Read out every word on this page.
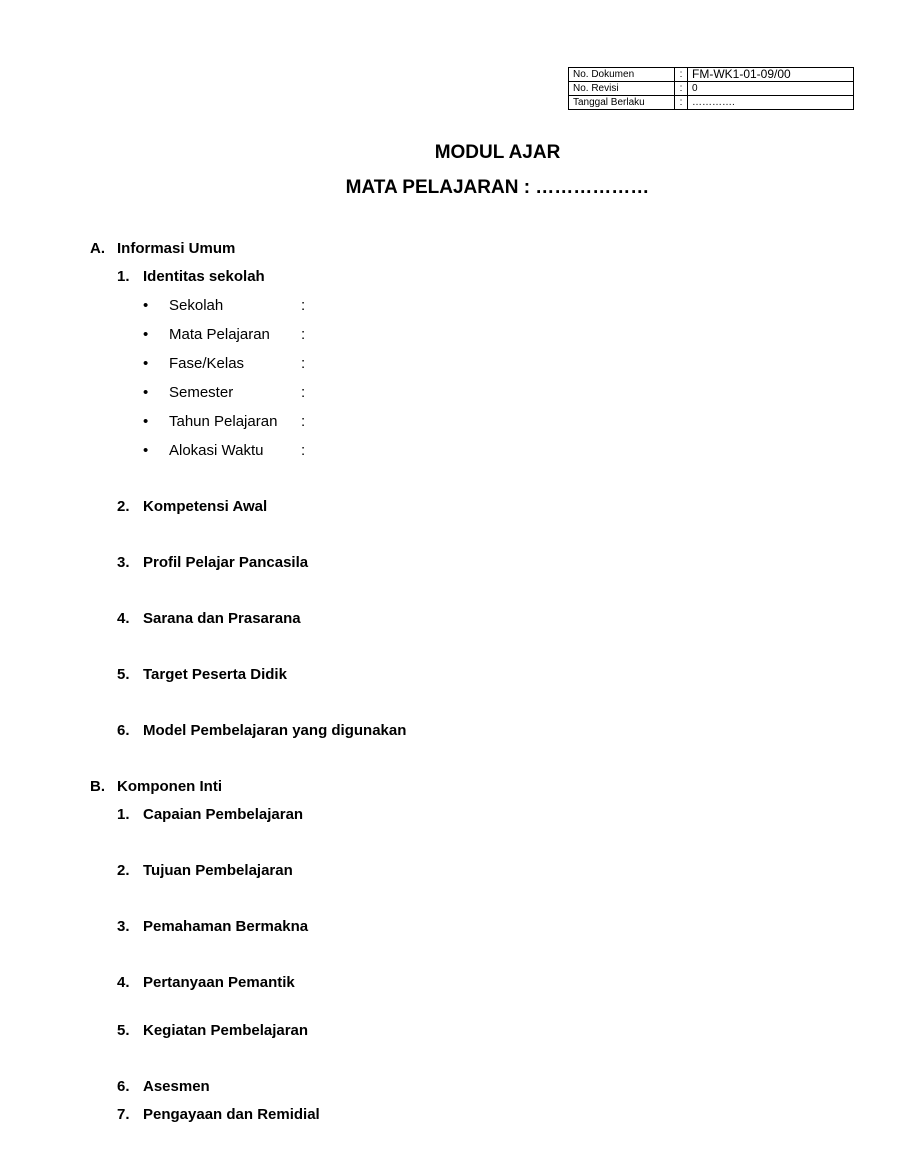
No. Dokumen	:	FM-WK1-01-09/00
No. Revisi	:	0
Tanggal Berlaku	:	………….
MODUL AJAR
MATA PELAJARAN : ………………
A. Informasi Umum
1. Identitas sekolah
• Sekolah	:
• Mata Pelajaran :
• Fase/Kelas	:
• Semester	:
• Tahun Pelajaran :
• Alokasi Waktu	:
2. Kompetensi Awal
3. Profil Pelajar Pancasila
4. Sarana dan Prasarana
5. Target Peserta Didik
6. Model Pembelajaran yang digunakan
B. Komponen Inti
1. Capaian Pembelajaran
2. Tujuan Pembelajaran
3. Pemahaman Bermakna
4. Pertanyaan Pemantik
5. Kegiatan Pembelajaran
6. Asesmen
7. Pengayaan dan Remidial
